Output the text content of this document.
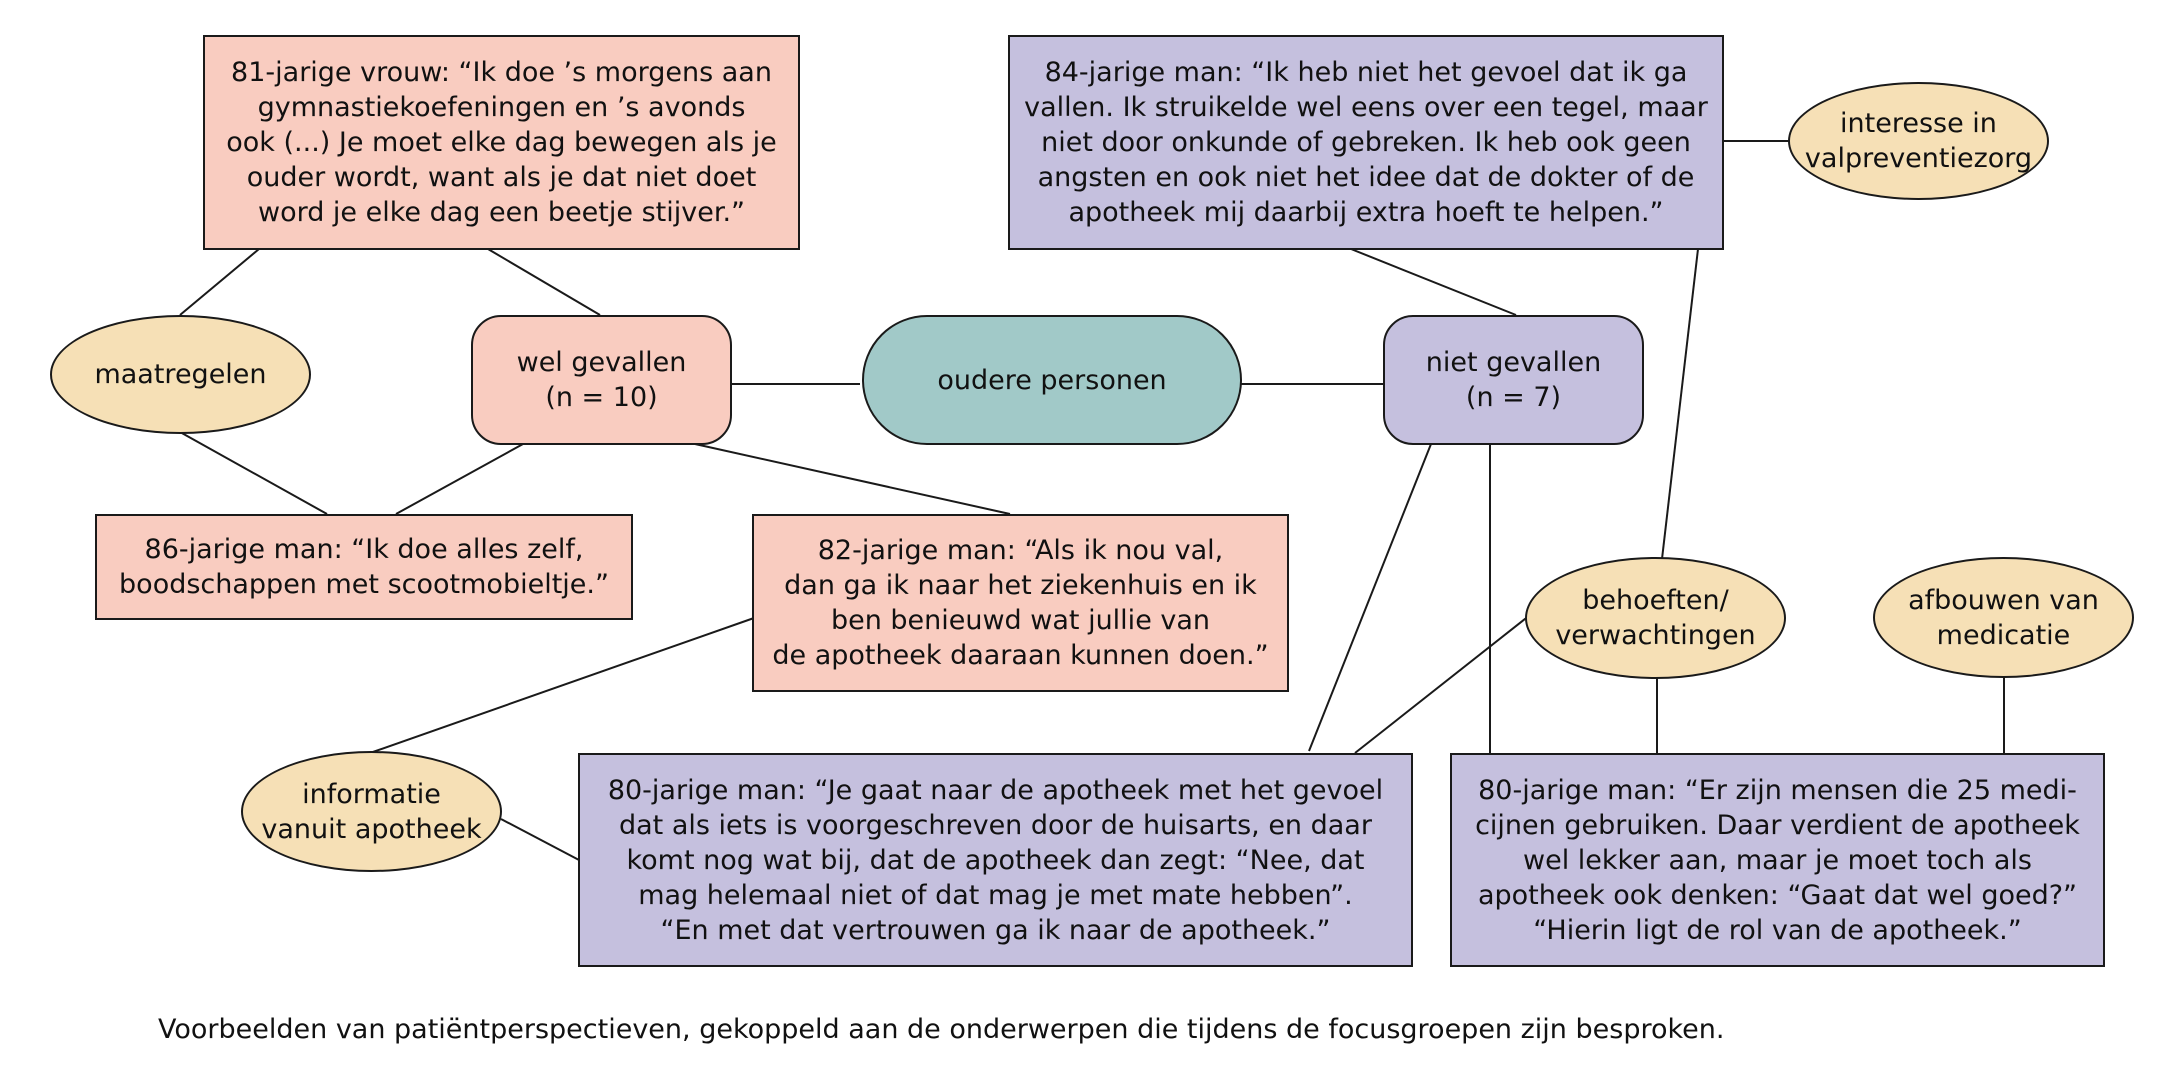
oudere personen
wel gevallen
(n = 10)
niet gevallen
(n = 7)
81-jarige vrouw: “Ik doe ’s morgens aan
gymnastiekoefeningen en ’s avonds
ook (...) Je moet elke dag bewegen als je
ouder wordt, want als je dat niet doet
word je elke dag een beetje stijver.”
86-jarige man: “Ik doe alles zelf,
boodschappen met scootmobieltje.”
82-jarige man: “Als ik nou val,
dan ga ik naar het ziekenhuis en ik
ben benieuwd wat jullie van
de apotheek daaraan kunnen doen.”
84-jarige man: “Ik heb niet het gevoel dat ik ga
vallen. Ik struikelde wel eens over een tegel, maar
niet door onkunde of gebreken. Ik heb ook geen
angsten en ook niet het idee dat de dokter of de
apotheek mij daarbij extra hoeft te helpen.”
80-jarige man: “Je gaat naar de apotheek met het gevoel
dat als iets is voorgeschreven door de huisarts, en daar
komt nog wat bij, dat de apotheek dan zegt: “Nee, dat
mag helemaal niet of dat mag je met mate hebben”.
“En met dat vertrouwen ga ik naar de apotheek.”
80-jarige man: “Er zijn mensen die 25 medi-
cijnen gebruiken. Daar verdient de apotheek
wel lekker aan, maar je moet toch als
apotheek ook denken: “Gaat dat wel goed?”
“Hierin ligt de rol van de apotheek.”
maatregelen
interesse in
valpreventiezorg
behoeften/
verwachtingen
afbouwen van
medicatie
informatie
vanuit apotheek
Voorbeelden van patiëntperspectieven, gekoppeld aan de onderwerpen die tijdens de focusgroepen zijn besproken.
